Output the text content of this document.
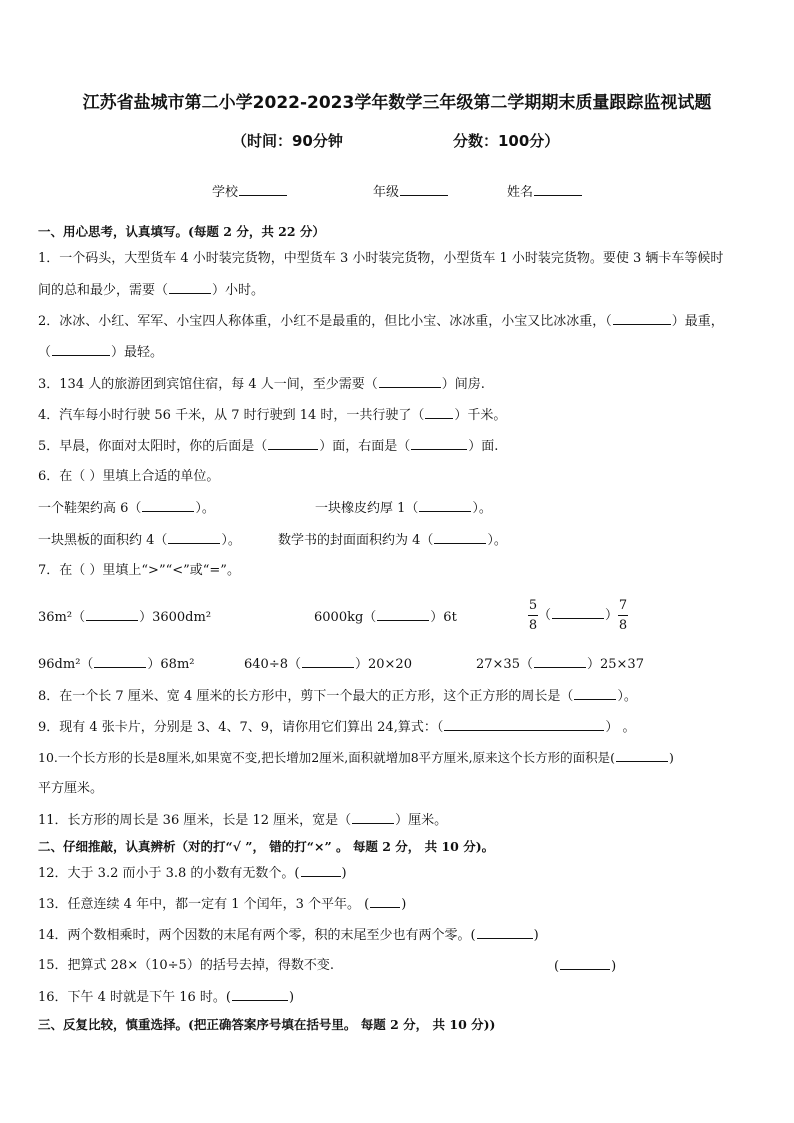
江苏省盐城市第二小学2022-2023学年数学三年级第二学期期末质量跟踪监视试题
（时间：90分钟	分数：100分）
学校	年级	姓名
一、用心思考，认真填写。(每题 2 分，共 22 分）
1．一个码头，大型货车 4 小时装完货物，中型货车 3 小时装完货物，小型货车 1 小时装完货物。要使 3 辆卡车等候时
间的总和最少，需要（	）小时。
2．冰冰、小红、军军、小宝四人称体重，小红不是最重的，但比小宝、冰冰重，小宝又比冰冰重，（	）最重，
（	）最轻。
3．134 人的旅游团到宾馆住宿，每 4 人一间，至少需要（	）间房.
4．汽车每小时行驶 56 千米，从 7 时行驶到 14 时，一共行驶了（ ）千米。
5．早晨，你面对太阳时，你的后面是（	）面，右面是（	）面.
6．在（ ）里填上合适的单位。
一个鞋架约高 6（	）。	一块橡皮约厚 1（	）。
一块黑板的面积约 4（	）。	数学书的封面面积约为 4（	）。
7．在（ ）里填上“>”“<”或“=”。
36m²（	）3600dm²	6000kg（	）6t	$\frac{5}{8}$ （	） $\frac{7}{8}$
96dm²（	）68m²	640÷8（	）20×20	27×35（	）25×37
8．在一个长 7 厘米、宽 4 厘米的长方形中，剪下一个最大的正方形，这个正方形的周长是（	）。
9．现有 4 张卡片，分别是 3、4、7、9，请你用它们算出 24,算式：（	） 。
10.一个长方形的长是8厘米,如果宽不变,把长增加2厘米,面积就增加8平方厘米,原来这个长方形的面积是(	)
平方厘米。
11．长方形的周长是 36 厘米，长是 12 厘米，宽是（	）厘米。
二、仔细推敲，认真辨析（对的打“√ ”， 错的打“×” 。 每题 2 分， 共 10 分)。
12．大于 3.2 而小于 3.8 的小数有无数个。(	)
13．任意连续 4 年中，都一定有 1 个闰年，3 个平年。 ( )
14．两个数相乘时，两个因数的末尾有两个零，积的末尾至少也有两个零。(	)
15．把算式 28×（10÷5）的括号去掉，得数不变.	(	)
16．下午 4 时就是下午 16 时。(	)
三、反复比较，慎重选择。(把正确答案序号填在括号里。 每题 2 分， 共 10 分))
